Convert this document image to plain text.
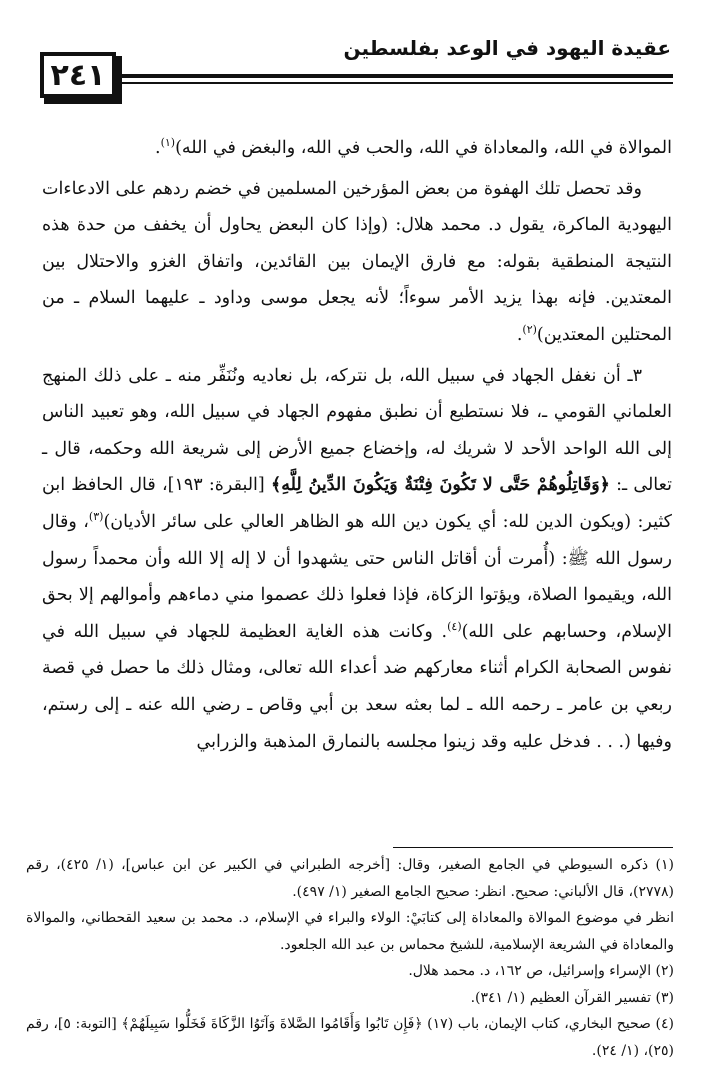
٢٤١
عقيدة اليهود في الوعد بفلسطين

الموالاة في الله، والمعاداة في الله، والحب في الله، والبغض في الله)$^{(١)}$.

وقد تحصل تلك الهفوة من بعض المؤرخين المسلمين في خضم ردهم على الادعاءات اليهودية الماكرة، يقول د. محمد هلال: (وإذا كان البعض يحاول أن يخفف من حدة هذه النتيجة المنطقية بقوله: مع فارق الإيمان بين القائدين، واتفاق الغزو والاحتلال بين المعتدين. فإنه بهذا يزيد الأمر سوءاً؛ لأنه يجعل موسى وداود ـ عليهما السلام ـ من المحتلين المعتدين)$^{(٢)}$.

٣ـ أن نغفل الجهاد في سبيل الله، بل نتركه، بل نعاديه ونُنَفِّر منه ـ على ذلك المنهج العلماني القومي ـ، فلا نستطيع أن نطبق مفهوم الجهاد في سبيل الله، وهو تعبيد الناس إلى الله الواحد الأحد لا شريك له، وإخضاع جميع الأرض إلى شريعة الله وحكمه، قال ـ تعالى ـ: ﴿وَقَاتِلُوهُمْ حَتَّى لا تَكُونَ فِتْنَةٌ وَيَكُونَ الدِّينُ لِلَّهِ﴾ [البقرة: ١٩٣]، قال الحافظ ابن كثير: (ويكون الدين لله: أي يكون دين الله هو الظاهر العالي على سائر الأديان)$^{(٣)}$، وقال رسول الله ﷺ: (أُمرت أن أقاتل الناس حتى يشهدوا أن لا إله إلا الله وأن محمداً رسول الله، ويقيموا الصلاة، ويؤتوا الزكاة، فإذا فعلوا ذلك عصموا مني دماءهم وأموالهم إلا بحق الإسلام، وحسابهم على الله)$^{(٤)}$. وكانت هذه الغاية العظيمة للجهاد في سبيل الله في نفوس الصحابة الكرام أثناء معاركهم ضد أعداء الله تعالى، ومثال ذلك ما حصل في قصة ربعي بن عامر ـ رحمه الله ـ لما بعثه سعد بن أبي وقاص ـ رضي الله عنه ـ إلى رستم، وفيها (. . . فدخل عليه وقد زينوا مجلسه بالنمارق المذهبة والزرابي

(١) ذكره السيوطي في الجامع الصغير، وقال: [أخرجه الطبراني في الكبير عن ابن عباس]، (١/ ٤٢٥)، رقم (٢٧٧٨)، قال الألباني: صحيح. انظر: صحيح الجامع الصغير (١/ ٤٩٧).

انظر في موضوع الموالاة والمعاداة إلى كتابَيْ: الولاء والبراء في الإسلام، د. محمد بن سعيد القحطاني، والموالاة والمعاداة في الشريعة الإسلامية، للشيخ محماس بن عبد الله الجلعود.

(٢) الإسراء وإسرائيل، ص ١٦٢، د. محمد هلال.

(٣) تفسير القرآن العظيم (١/ ٣٤١).

(٤) صحيح البخاري، كتاب الإيمان، باب (١٧) ﴿فَإِن تَابُوا وَأَقَامُوا الصَّلاةَ وَآتَوُا الزَّكَاةَ فَخَلُّوا سَبِيلَهُمْ﴾ [التوبة: ٥]، رقم (٢٥)، (١/ ٢٤).
